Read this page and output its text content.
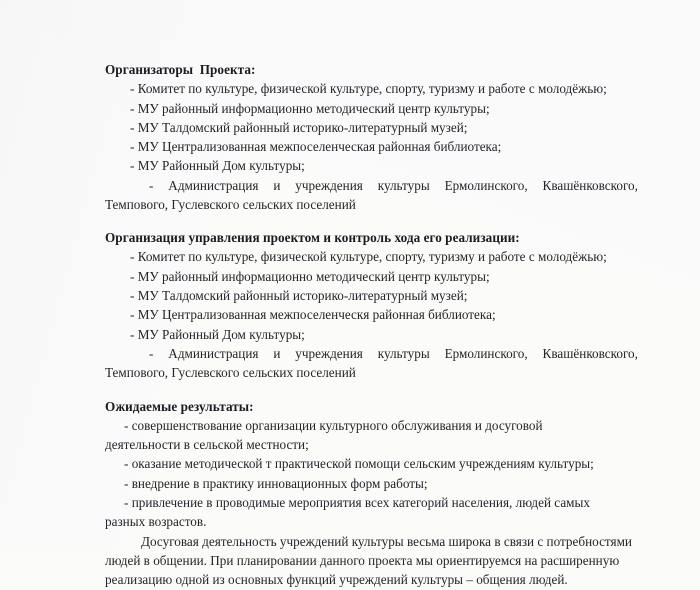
Организаторы  Проекта:

- Комитет по культуре, физической культуре, спорту, туризму и работе с молодёжью;
- МУ районный информационно методический центр культуры;
- МУ Талдомский районный историко-литературный музей;
- МУ Централизованная межпоселенческая районная библиотека;
- МУ Районный Дом культуры;
- Администрация и учреждения культуры Ермолинского, Квашёнковского,
Темпового, Гуслевского сельских поселений

Организация управления проектом и контроль хода его реализации:

- Комитет по культуре, физической культуре, спорту, туризму и работе с молодёжью;
- МУ районный информационно методический центр культуры;
- МУ Талдомский районный историко-литературный музей;
- МУ Централизованная межпоселенческя районная библиотека;
- МУ Районный Дом культуры;
- Администрация и учреждения культуры Ермолинского, Квашёнковского,
Темпового, Гуслевского сельских поселений

Ожидаемые результаты:

- совершенствование организации культурного обслуживания и досуговой

деятельности в сельской местности;

- оказание методической т практической помощи сельским учреждениям культуры;
- внедрение в практику инновационных форм работы;
- привлечение в проводимые мероприятия всех категорий населения, людей самых

разных возрастов.

Досуговая деятельность учреждений культуры весьма широка в связи с потребностями людей в общении. При планировании данного проекта мы ориентируемся на расширенную реализацию одной из основных функций учреждений культуры – общения людей.
